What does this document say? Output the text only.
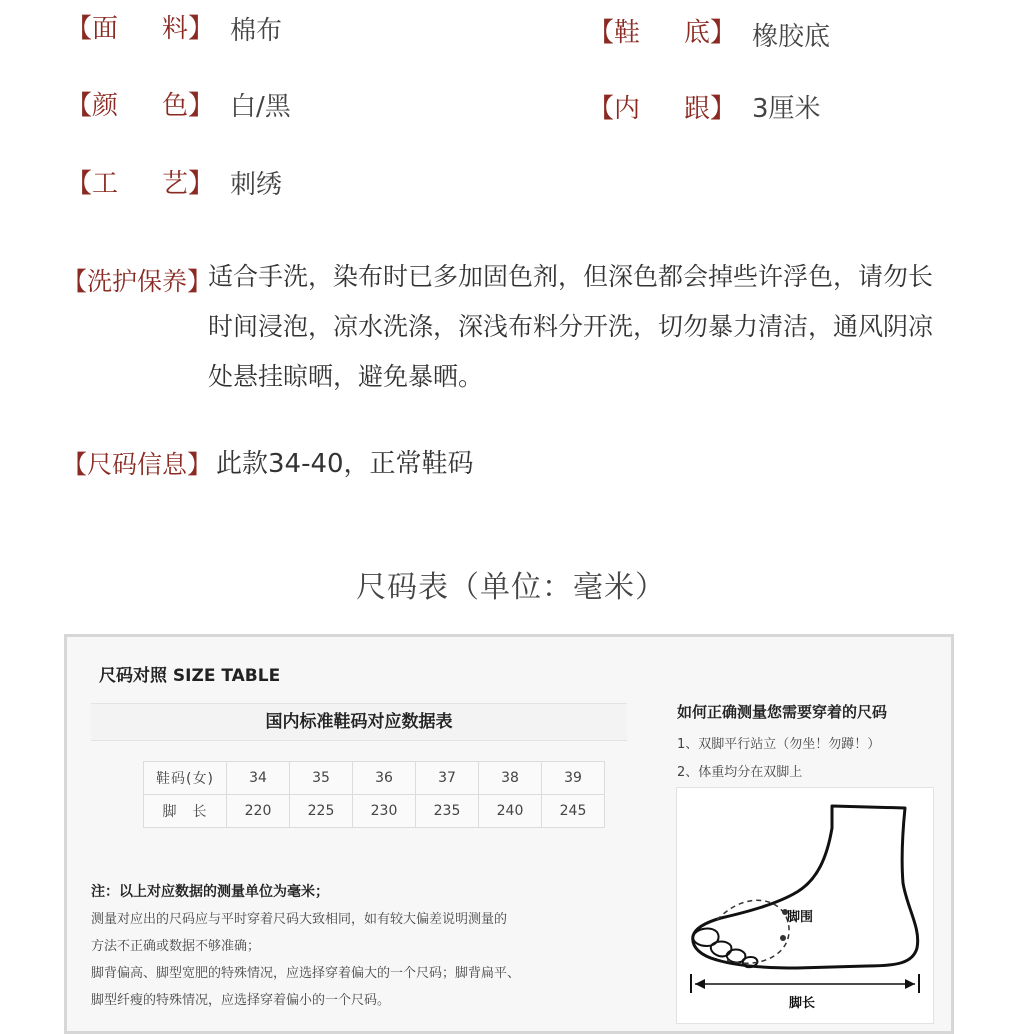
【面 料】 棉布	【鞋 底】 橡胶底
【颜 色】 白/黑	【内 跟】 3厘米
【工 艺】 刺绣
【洗护保养】
适合手洗，染布时已多加固色剂，但深色都会掉些许浮色，请勿长时间浸泡，凉水洗涤，深浅布料分开洗，切勿暴力清洁，通风阴凉处悬挂晾晒，避免暴晒。
【尺码信息】 此款34-40，正常鞋码
尺码表（单位：毫米）
尺码对照 SIZE TABLE
国内标准鞋码对应数据表
鞋码(女)	34	35	36	37	38	39
脚　长	220	225	230	235	240	245
注：以上对应数据的测量单位为毫米；
测量对应出的尺码应与平时穿着尺码大致相同，如有较大偏差说明测量的
方法不正确或数据不够准确；
脚背偏高、脚型宽肥的特殊情况，应选择穿着偏大的一个尺码；脚背扁平、
脚型纤瘦的特殊情况，应选择穿着偏小的一个尺码。
如何正确测量您需要穿着的尺码
1、双脚平行站立（勿坐！勿蹲！）
2、体重均分在双脚上
脚围
脚长
